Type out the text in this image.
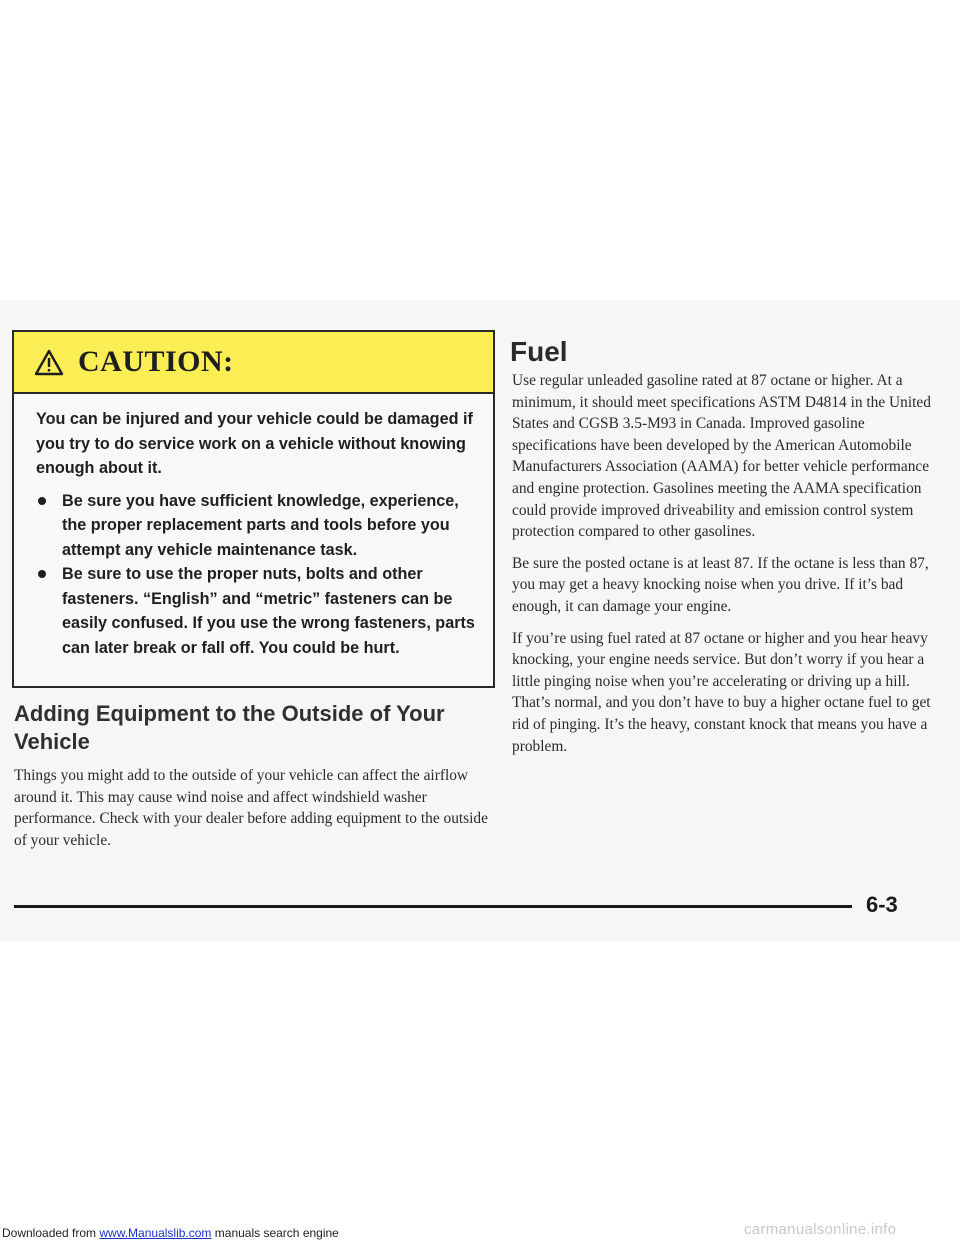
CAUTION:

You can be injured and your vehicle could be damaged if you try to do service work on a vehicle without knowing enough about it.

Be sure you have sufficient knowledge, experience, the proper replacement parts and tools before you attempt any vehicle maintenance task.
Be sure to use the proper nuts, bolts and other fasteners. “English” and “metric” fasteners can be easily confused. If you use the wrong fasteners, parts can later break or fall off. You could be hurt.
Adding Equipment to the Outside of Your Vehicle

Things you might add to the outside of your vehicle can affect the airflow around it. This may cause wind noise and affect windshield washer performance. Check with your dealer before adding equipment to the outside of your vehicle.

Fuel

Use regular unleaded gasoline rated at 87 octane or higher. At a minimum, it should meet specifications ASTM D4814 in the United States and CGSB 3.5-M93 in Canada. Improved gasoline specifications have been developed by the American Automobile Manufacturers Association (AAMA) for better vehicle performance and engine protection. Gasolines meeting the AAMA specification could provide improved driveability and emission control system protection compared to other gasolines.

Be sure the posted octane is at least 87. If the octane is less than 87, you may get a heavy knocking noise when you drive. If it’s bad enough, it can damage your engine.

If you’re using fuel rated at 87 octane or higher and you hear heavy knocking, your engine needs service. But don’t worry if you hear a little pinging noise when you’re accelerating or driving up a hill. That’s normal, and you don’t have to buy a higher octane fuel to get rid of pinging. It’s the heavy, constant knock that means you have a problem.

6-3
Downloaded from www.Manualslib.com manuals search engine	carmanualsonline.info
